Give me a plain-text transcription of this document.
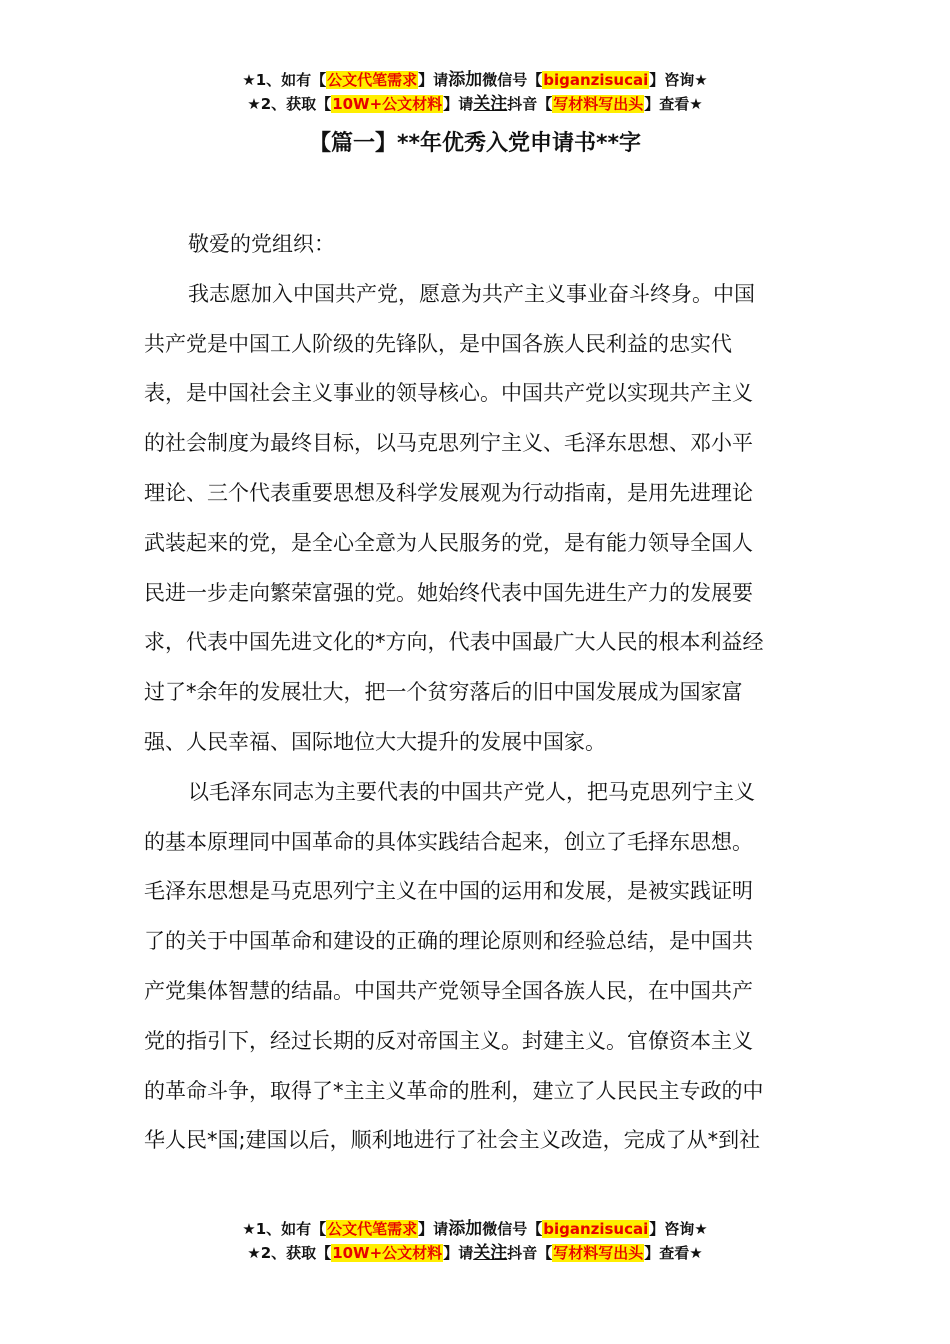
★1、如有【公文代笔需求】请添加微信号【biganzisucai】咨询★
★2、获取【10W+公文材料】请关注抖音【写材料写出头】查看★
【篇一】**年优秀入党申请书**字
敬爱的党组织：
我志愿加入中国共产党，愿意为共产主义事业奋斗终身。中国
共产党是中国工人阶级的先锋队，是中国各族人民利益的忠实代
表，是中国社会主义事业的领导核心。中国共产党以实现共产主义
的社会制度为最终目标，以马克思列宁主义、毛泽东思想、邓小平
理论、三个代表重要思想及科学发展观为行动指南，是用先进理论
武装起来的党，是全心全意为人民服务的党，是有能力领导全国人
民进一步走向繁荣富强的党。她始终代表中国先进生产力的发展要
求，代表中国先进文化的*方向，代表中国最广大人民的根本利益经
过了*余年的发展壮大，把一个贫穷落后的旧中国发展成为国家富
强、人民幸福、国际地位大大提升的发展中国家。
以毛泽东同志为主要代表的中国共产党人，把马克思列宁主义
的基本原理同中国革命的具体实践结合起来，创立了毛择东思想。
毛泽东思想是马克思列宁主义在中国的运用和发展，是被实践证明
了的关于中国革命和建设的正确的理论原则和经验总结，是中国共
产党集体智慧的结晶。中国共产党领导全国各族人民，在中国共产
党的指引下，经过长期的反对帝国主义。封建主义。官僚资本主义
的革命斗争，取得了*主主义革命的胜利，建立了人民民主专政的中
华人民*国;建国以后，顺利地进行了社会主义改造，完成了从*到社
★1、如有【公文代笔需求】请添加微信号【biganzisucai】咨询★
★2、获取【10W+公文材料】请关注抖音【写材料写出头】查看★
